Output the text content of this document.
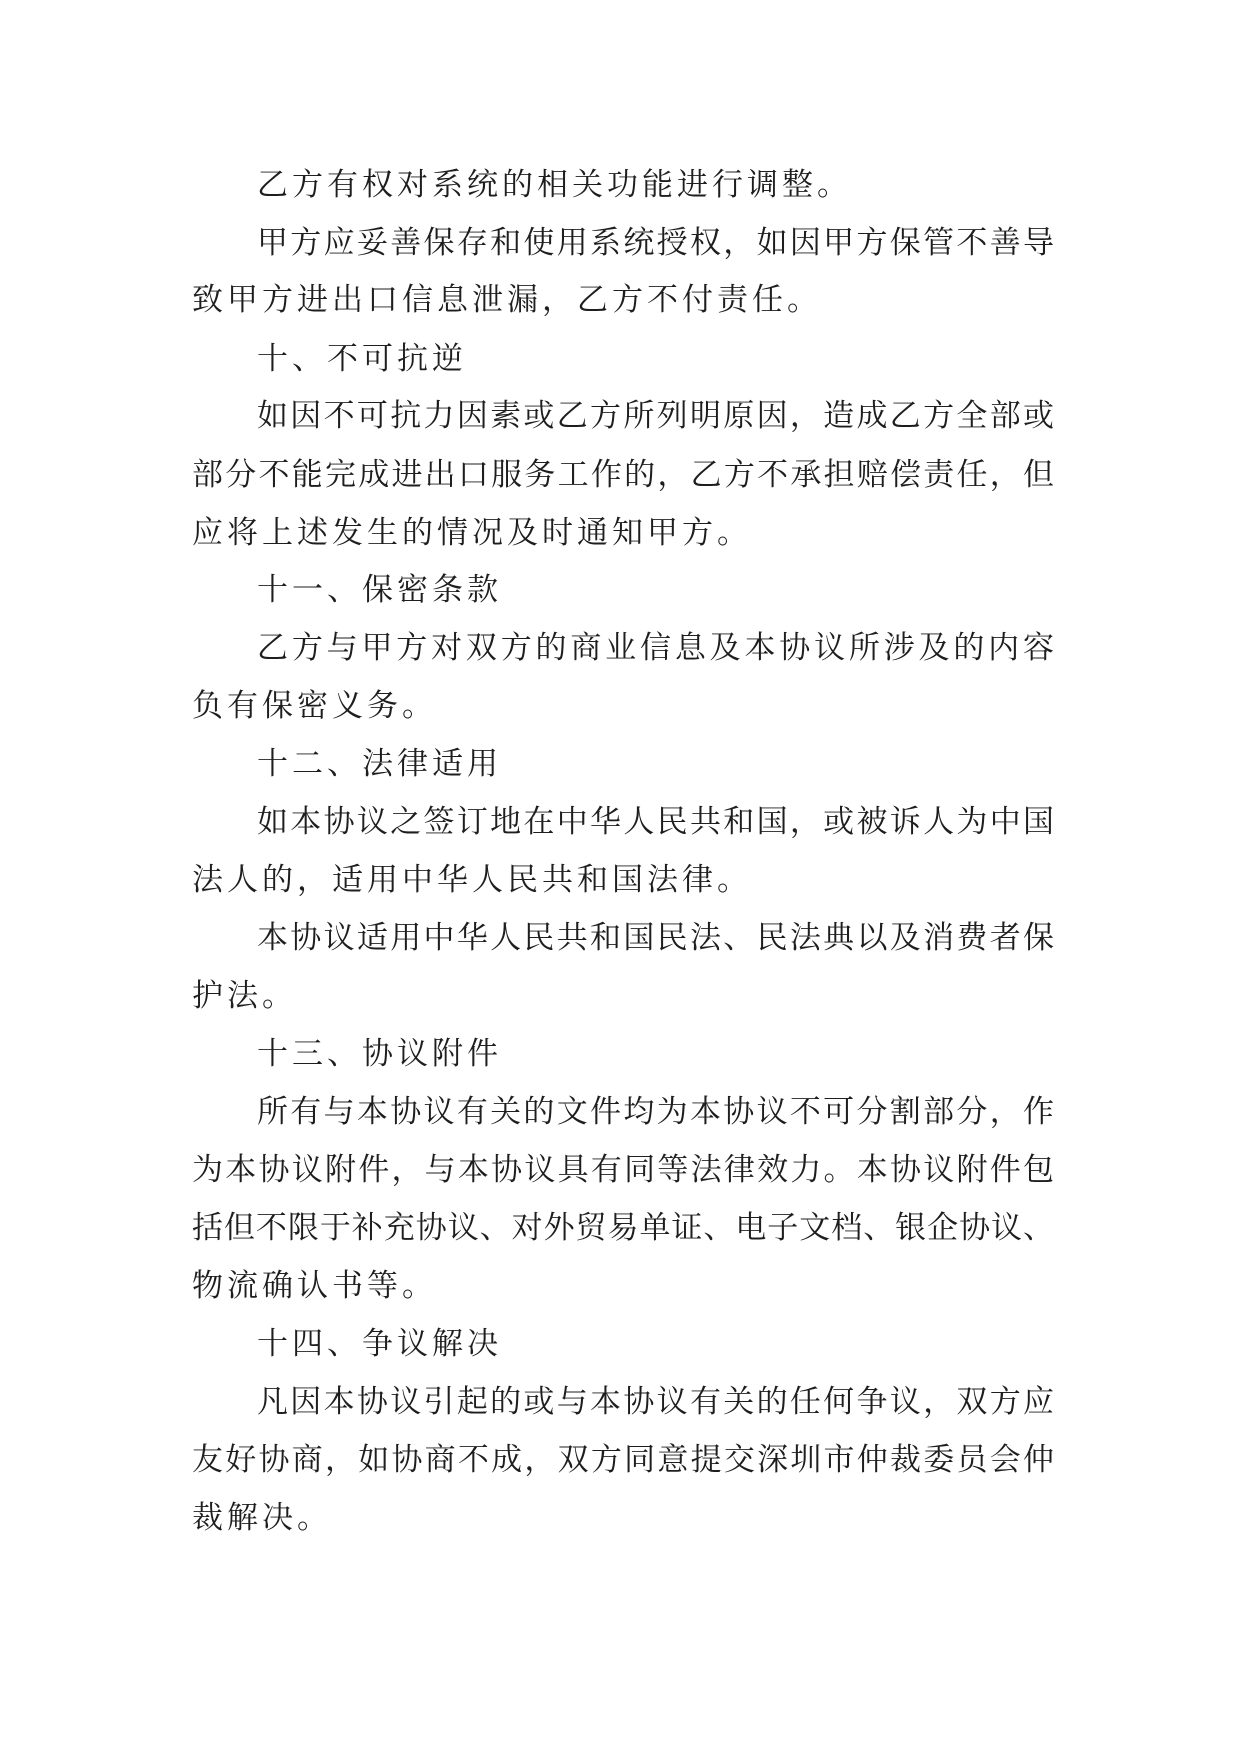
乙方有权对系统的相关功能进行调整。
甲方应妥善保存和使用系统授权，如因甲方保管不善导
致甲方进出口信息泄漏，乙方不付责任。
十、不可抗逆
如因不可抗力因素或乙方所列明原因，造成乙方全部或
部分不能完成进出口服务工作的，乙方不承担赔偿责任，但
应将上述发生的情况及时通知甲方。
十一、保密条款
乙方与甲方对双方的商业信息及本协议所涉及的内容
负有保密义务。
十二、法律适用
如本协议之签订地在中华人民共和国，或被诉人为中国
法人的，适用中华人民共和国法律。
本协议适用中华人民共和国民法、民法典以及消费者保
护法。
十三、协议附件
所有与本协议有关的文件均为本协议不可分割部分，作
为本协议附件，与本协议具有同等法律效力。本协议附件包
括但不限于补充协议、对外贸易单证、电子文档、银企协议、
物流确认书等。
十四、争议解决
凡因本协议引起的或与本协议有关的任何争议，双方应
友好协商，如协商不成，双方同意提交深圳市仲裁委员会仲
裁解决。
